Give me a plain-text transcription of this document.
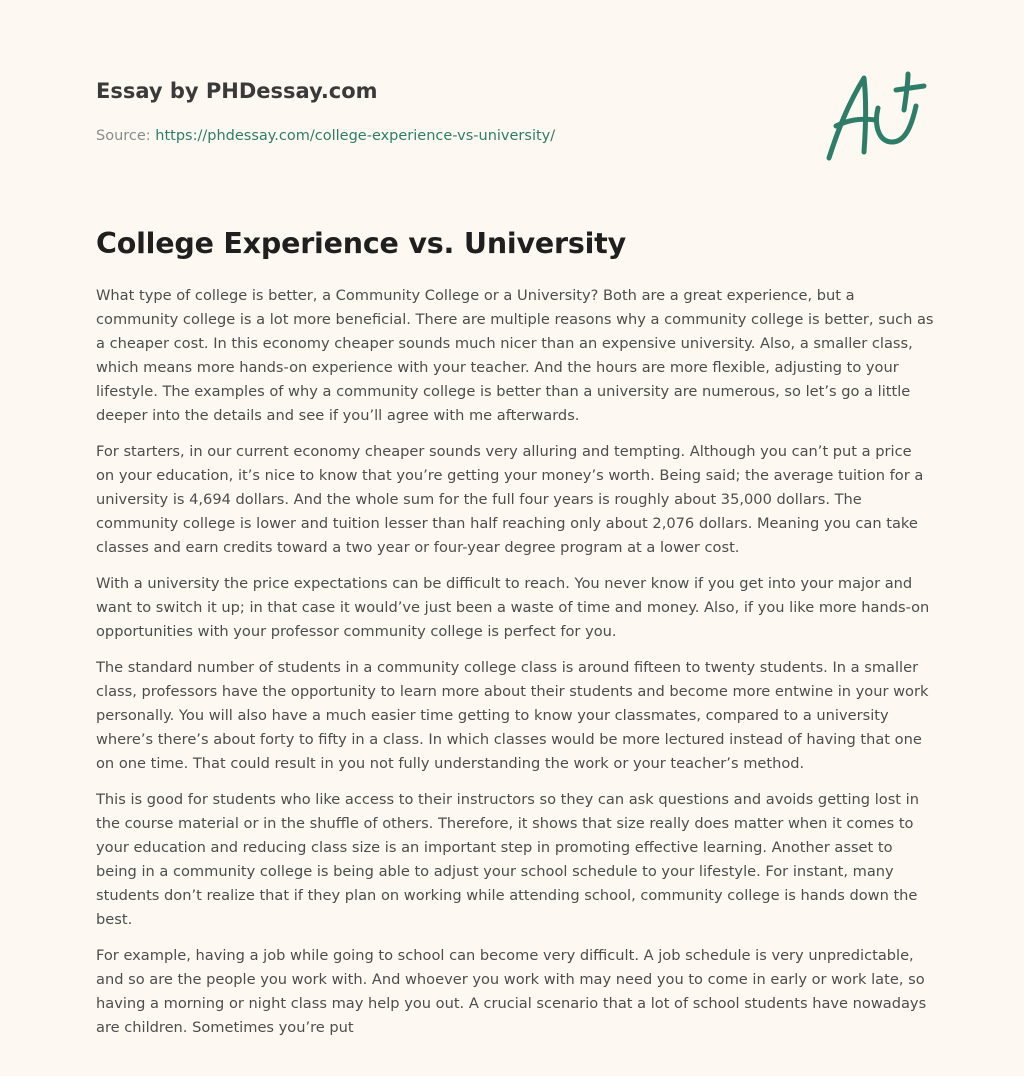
Essay by PHDessay.com
Source: https://phdessay.com/college-experience-vs-university/
College Experience vs. University

What type of college is better, a Community College or a University? Both are a great experience, but a community college is a lot more beneficial. There are multiple reasons why a community college is better, such as a cheaper cost. In this economy cheaper sounds much nicer than an expensive university. Also, a smaller class, which means more hands-on experience with your teacher. And the hours are more flexible, adjusting to your lifestyle. The examples of why a community college is better than a university are numerous, so let’s go a little deeper into the details and see if you’ll agree with me afterwards.

For starters, in our current economy cheaper sounds very alluring and tempting. Although you can’t put a price on your education, it’s nice to know that you’re getting your money’s worth. Being said; the average tuition for a university is 4,694 dollars. And the whole sum for the full four years is roughly about 35,000 dollars. The community college is lower and tuition lesser than half reaching only about 2,076 dollars. Meaning you can take classes and earn credits toward a two year or four-year degree program at a lower cost.

With a university the price expectations can be difficult to reach. You never know if you get into your major and want to switch it up; in that case it would’ve just been a waste of time and money. Also, if you like more hands-on opportunities with your professor community college is perfect for you.

The standard number of students in a community college class is around fifteen to twenty students. In a smaller class, professors have the opportunity to learn more about their students and become more entwine in your work personally. You will also have a much easier time getting to know your classmates, compared to a university where’s there’s about forty to fifty in a class. In which classes would be more lectured instead of having that one on one time. That could result in you not fully understanding the work or your teacher’s method.

This is good for students who like access to their instructors so they can ask questions and avoids getting lost in the course material or in the shuffle of others. Therefore, it shows that size really does matter when it comes to your education and reducing class size is an important step in promoting effective learning. Another asset to being in a community college is being able to adjust your school schedule to your lifestyle. For instant, many students don’t realize that if they plan on working while attending school, community college is hands down the best.

For example, having a job while going to school can become very difficult. A job schedule is very unpredictable, and so are the people you work with. And whoever you work with may need you to come in early or work late, so having a morning or night class may help you out. A crucial scenario that a lot of school students have nowadays are children. Sometimes you’re put
